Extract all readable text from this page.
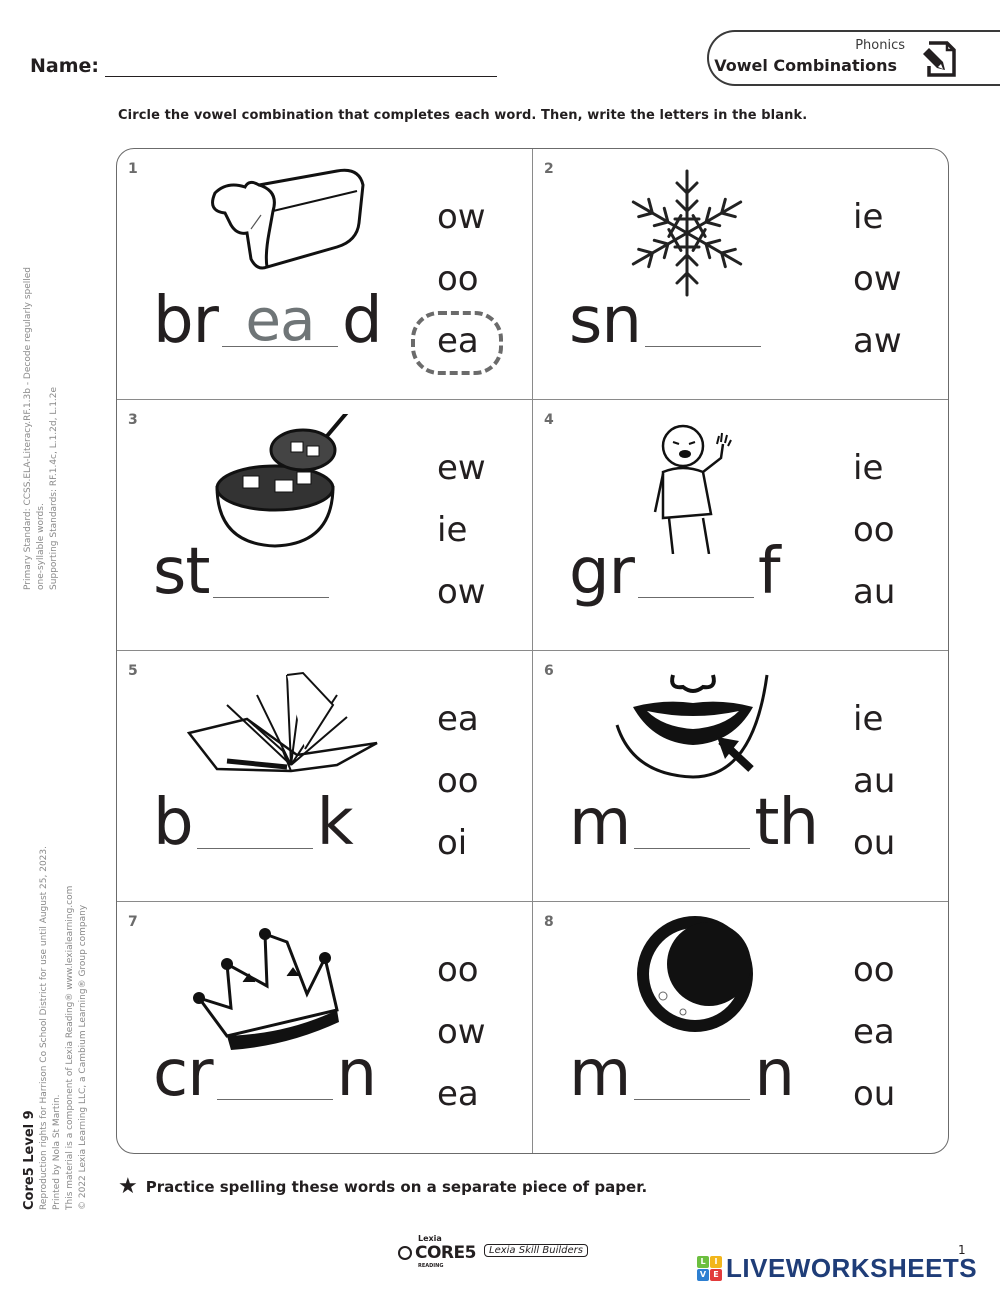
Name:
Phonics
Vowel Combinations
Circle the vowel combination that completes each word. Then, write the letters in the blank.
Primary Standard: CCSS.ELA-Literacy.RF.1.3b - Decode regularly spelled one-syllable words. Supporting Standards: RF.1.4c, L.1.2d, L.1.2e
Core5 Level 9 Reproduction rights for Harrison Co School District for use until August 25, 2023. Printed by Nola St Martin. This material is a component of Lexia Reading® www.lexialearning.com © 2022 Lexia Learning LLC, a Cambium Learning® Group company
1
br ea d
ow
oo
ea
2
sn
ie
ow
aw
3
st
ew
ie
ow
4
gr f
ie
oo
au
5
b k
ea
oo
oi
6
m th
ie
au
ou
7
cr n
oo
ow
ea
8
m n
oo
ea
ou
★ Practice spelling these words on a separate piece of paper.
Lexia
CORE5
READING
Lexia Skill Builders	1
L	I
V E LIVEWORKSHEETS
